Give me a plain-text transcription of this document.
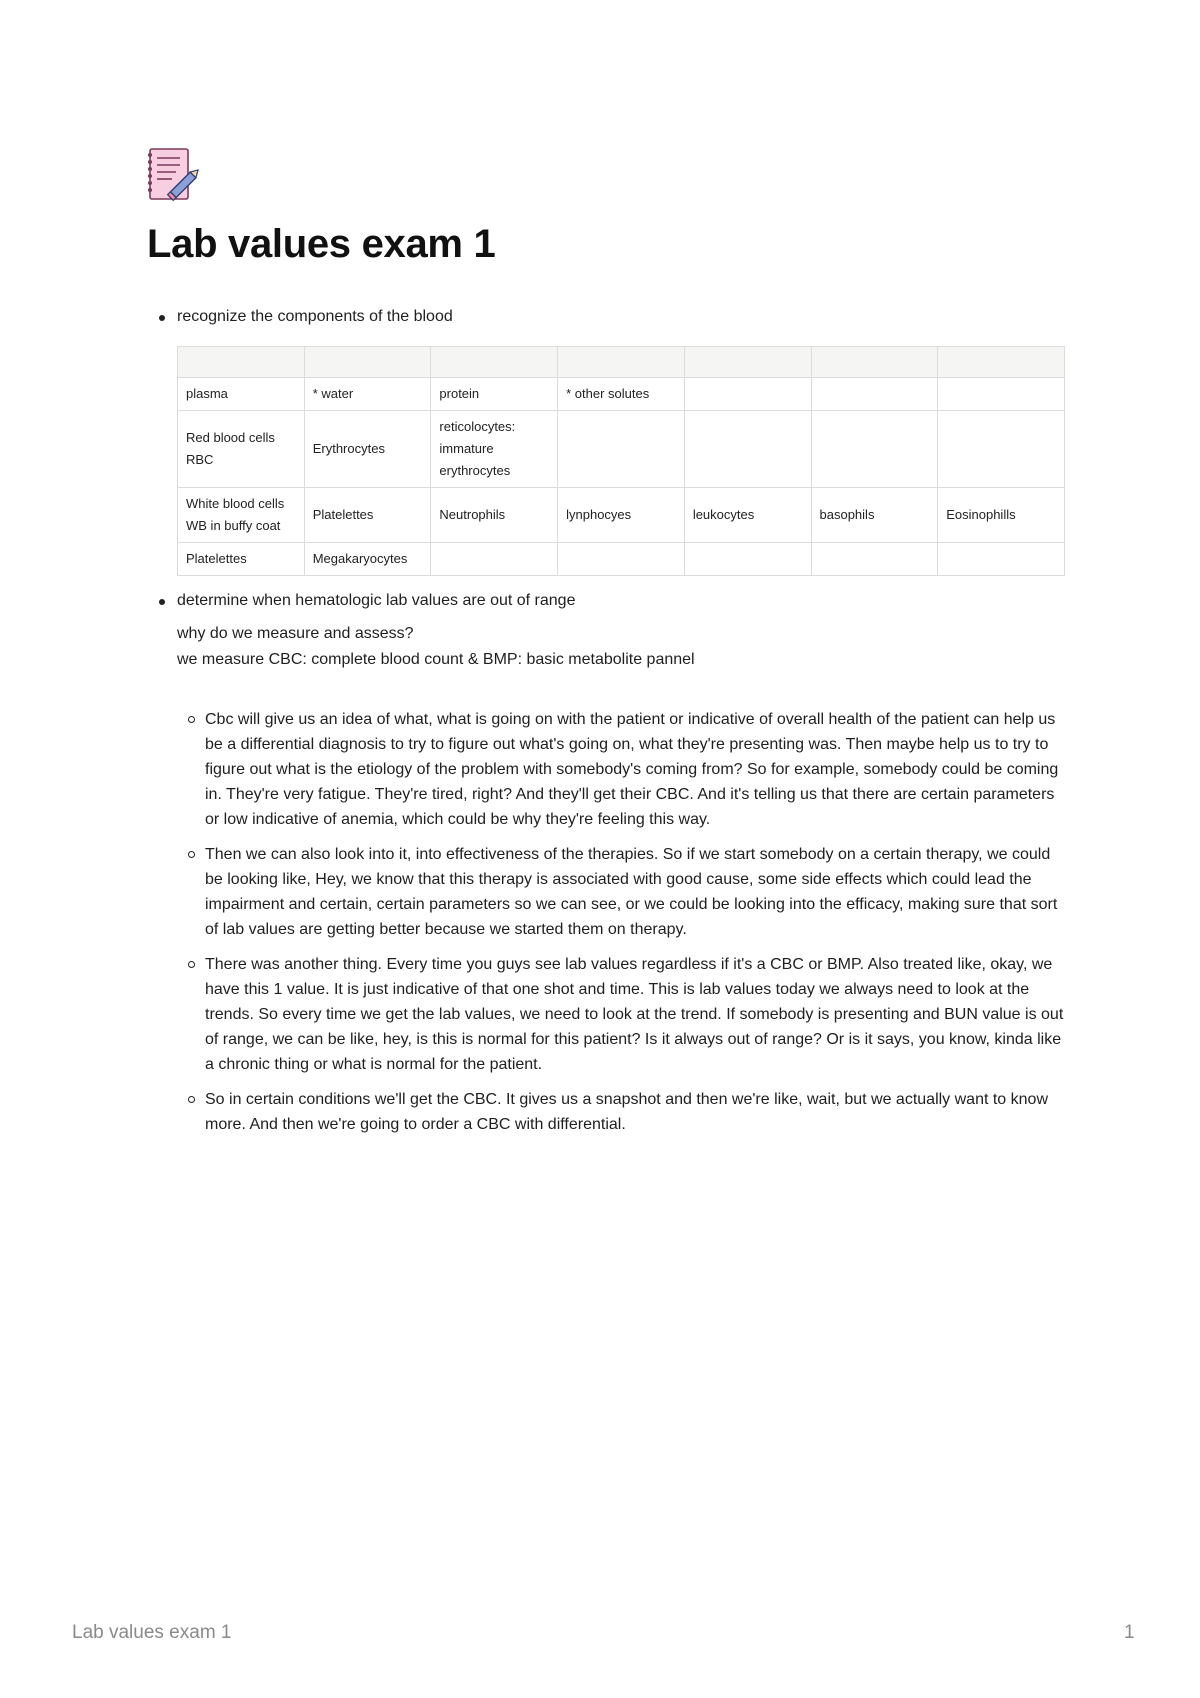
Lab values exam 1
recognize the components of the blood

plasma	* water	protein	* other solutes			
Red blood cells RBC	Erythrocytes	reticolocytes: immature erythrocytes				
White blood cells WB in buffy coat	Platelettes	Neutrophils	lynphocyes	leukocytes	basophils	Eosinophills
Platelettes	Megakaryocytes					
determine when hematologic lab values are out of range
why do we measure and assess?
we measure CBC: complete blood count & BMP: basic metabolite pannel
Cbc will give us an idea of what, what is going on with the patient or indicative of overall health of the patient can help us be a differential diagnosis to try to figure out what's going on, what they're presenting was. Then maybe help us to try to figure out what is the etiology of the problem with somebody's coming from? So for example, somebody could be coming in. They're very fatigue. They're tired, right? And they'll get their CBC. And it's telling us that there are certain parameters or low indicative of anemia, which could be why they're feeling this way.
Then we can also look into it, into effectiveness of the therapies. So if we start somebody on a certain therapy, we could be looking like, Hey, we know that this therapy is associated with good cause, some side effects which could lead the impairment and certain, certain parameters so we can see, or we could be looking into the efficacy, making sure that sort of lab values are getting better because we started them on therapy.
There was another thing. Every time you guys see lab values regardless if it's a CBC or BMP. Also treated like, okay, we have this 1 value. It is just indicative of that one shot and time. This is lab values today we always need to look at the trends. So every time we get the lab values, we need to look at the trend. If somebody is presenting and BUN value is out of range, we can be like, hey, is this is normal for this patient? Is it always out of range? Or is it says, you know, kinda like a chronic thing or what is normal for the patient.
So in certain conditions we'll get the CBC. It gives us a snapshot and then we're like, wait, but we actually want to know more. And then we're going to order a CBC with differential.
Lab values exam 1	1
